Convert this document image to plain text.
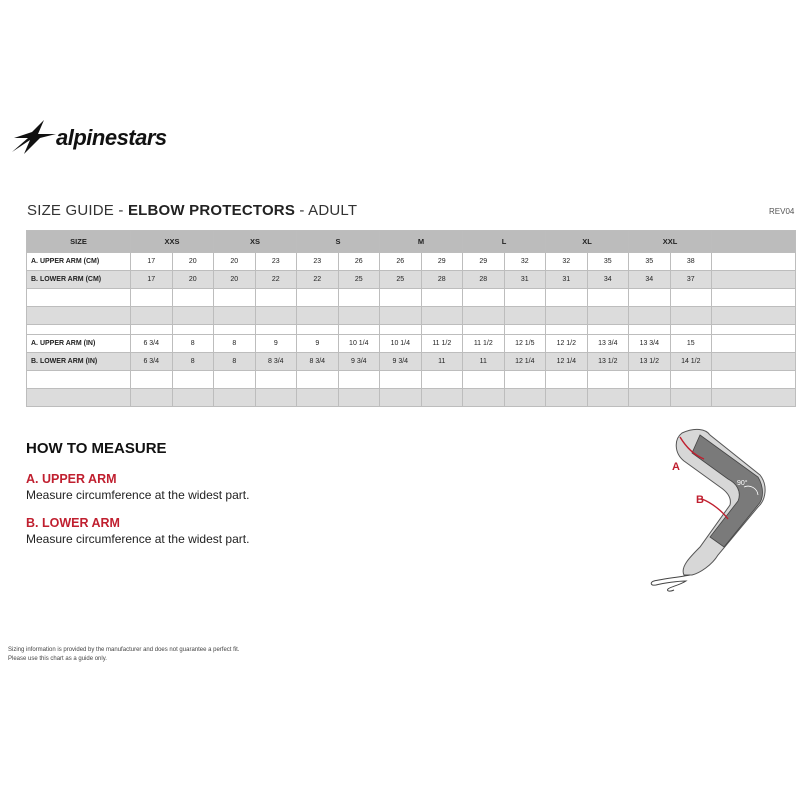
alpinestars
SIZE GUIDE - ELBOW PROTECTORS - ADULT	REV04
SIZE	XXS		XS		S		M		L		XL		XXL		
A. UPPER ARM (CM)	17	20	20	23	23	26	26	29	29	32	32	35	35	38	
B. LOWER ARM (CM)	17	20	20	22	22	25	25	28	28	31	31	34	34	37	

A. UPPER ARM (IN)	6 3/4	8	8	9	9	10 1/4	10 1/4	11 1/2	11 1/2	12 1/5	12 1/2	13 3/4	13 3/4	15	
B. LOWER ARM (IN)	6 3/4	8	8	8 3/4	8 3/4	9 3/4	9 3/4	11	11	12 1/4	12 1/4	13 1/2	13 1/2	14 1/2	

HOW TO MEASURE
A. UPPER ARM
Measure circumference at the widest part.
B. LOWER ARM
Measure circumference at the widest part.
A
B
90°
Sizing information is provided by the manufacturer and does not guarantee a perfect fit.
Please use this chart as a guide only.
